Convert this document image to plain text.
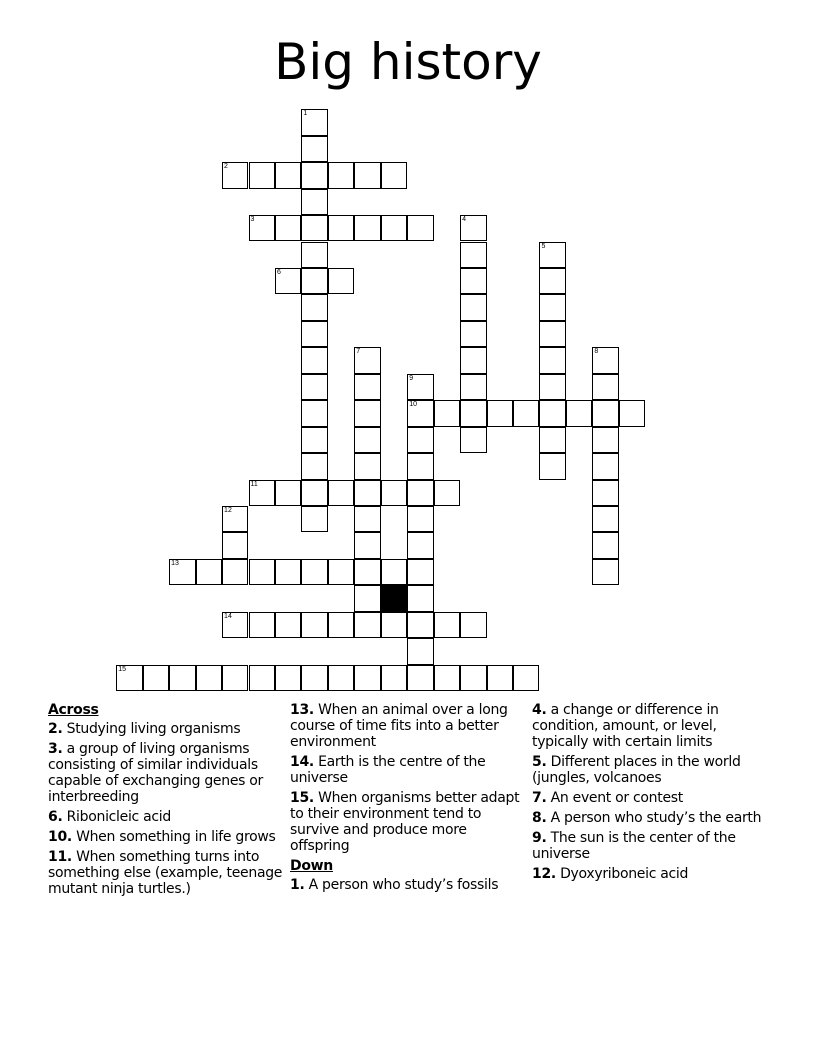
Big history
2
3
6
10
11
13
14
15
1
4
5
7	8
9
12
Across
2. Studying living organisms
3. a group of living organisms consisting of similar individuals capable of exchanging genes or interbreeding
6. Ribonicleic acid
10. When something in life grows
11. When something turns into something else (example, teenage mutant ninja turtles.)
13. When an animal over a long course of time fits into a better environment
14. Earth is the centre of the universe
15. When organisms better adapt to their environment tend to survive and produce more offspring
Down
1. A person who study’s fossils
4. a change or difference in condition, amount, or level, typically with certain limits
5. Different places in the world (jungles, volcanoes
7. An event or contest
8. A person who study’s the earth
9. The sun is the center of the universe
12. Dyoxyriboneic acid
